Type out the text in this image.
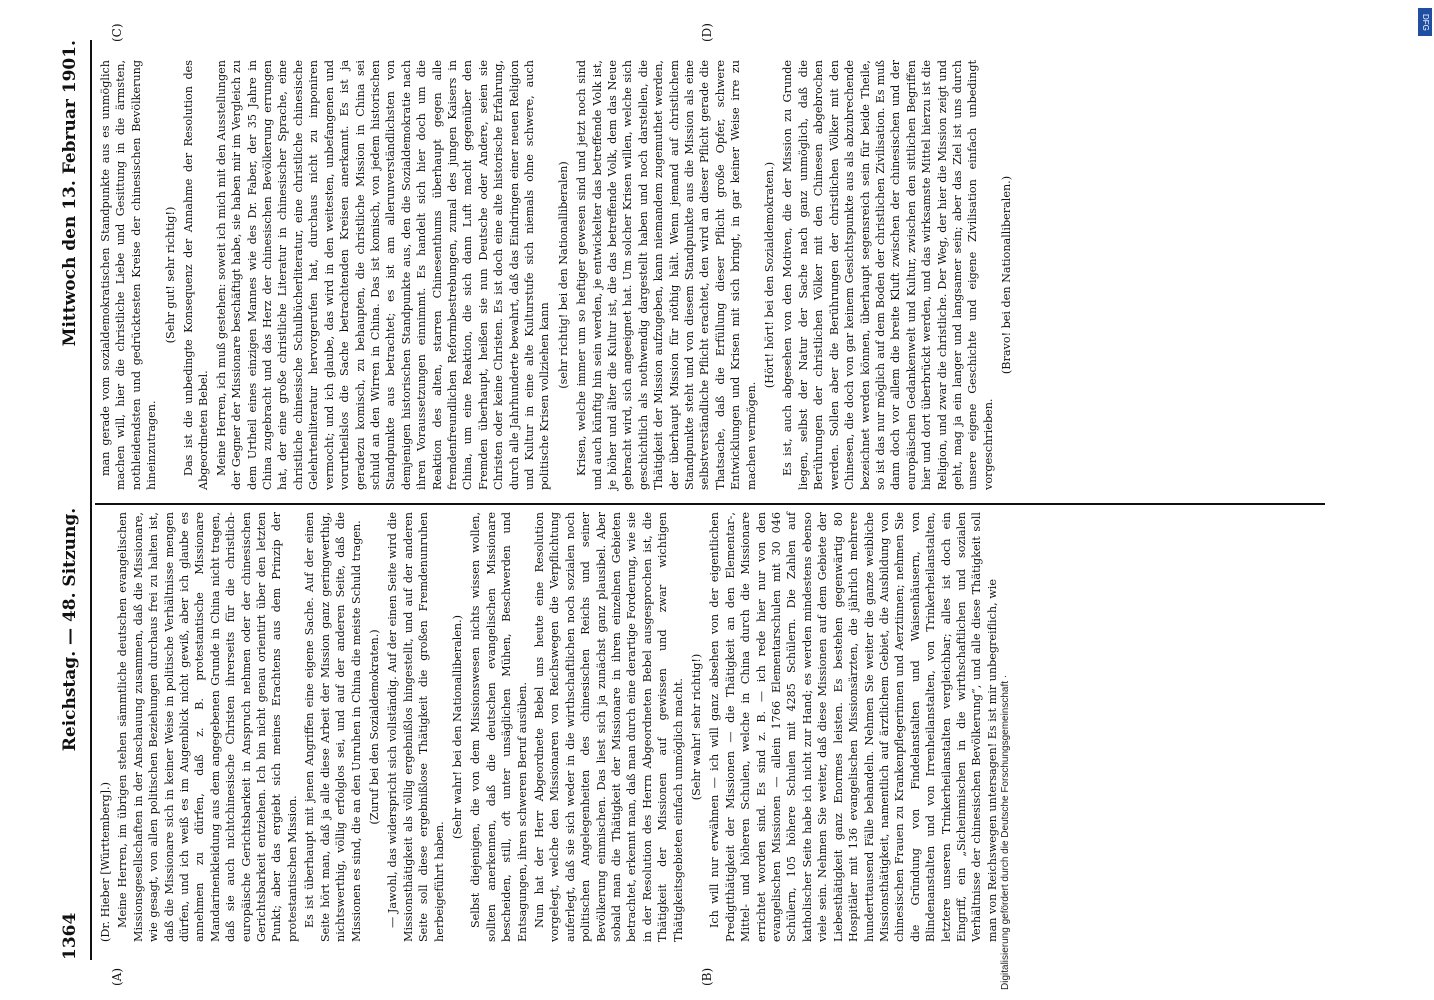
1364
Reichstag. — 48. Sitzung.
Mittwoch den 13. Februar 1901.
(A)	(B)
(C)	(D)

(Dr. Hieber [Württemberg].) Meine Herren, im übrigen stehen sämmtliche deutschen evangelischen Missionsgesellschaften in der Anschauung zusammen, daß die Missionare, wie gesagt, von allen politischen Beziehungen durchaus frei zu halten ist, daß die Missionare sich in keiner Weise in politische Verhältnisse mengen dürfen, und ich weiß es im Augenblick nicht gewiß, aber ich glaube es annehmen zu dürfen, daß z. B. protestantische Missionare Mandarinenkleidung aus dem angegebenen Grunde in China nicht tragen, daß sie auch nichtchinesische Christen ihrerseits für die christlich-europäische Gerichtsbarkeit in Anspruch nehmen oder der chinesischen Gerichtsbarkeit entziehen. Ich bin nicht genau orientirt über den letzten Punkt; aber das ergiebt sich meines Erachtens aus dem Prinzip der protestantischen Mission. Es ist überhaupt mit jenen Angriffen eine eigene Sache. Auf der einen Seite hört man, daß ja alle diese Arbeit der Mission ganz geringwerthig, nichtswerthig, völlig erfolglos sei, und auf der anderen Seite, daß die Missionen es sind, die an den Unruhen in China die meiste Schuld tragen. (Zuruf bei den Sozialdemokraten.) — Jawohl, das widerspricht sich vollständig. Auf der einen Seite wird die Missionsthätigkeit als völlig ergebnißlos hingestellt, und auf der anderen Seite soll diese ergebnißlose Thätigkeit die großen Fremdenunruhen herbeigeführt haben.

(Sehr wahr! bei den Nationalliberalen.) Selbst diejenigen, die von dem Missionswesen nichts wissen wollen, sollten anerkennen, daß die deutschen evangelischen Missionare bescheiden, still, oft unter unsäglichen Mühen, Beschwerden und Entsagungen, ihren schweren Beruf ausüben. Nun hat der Herr Abgeordnete Bebel uns heute eine Resolution vorgelegt, welche den Missionaren von Reichswegen die Verpflichtung auferlegt, daß sie sich weder in die wirthschaftlichen noch sozialen noch politischen Angelegenheiten des chinesischen Reichs und seiner Bevölkerung einmischen. Das liest sich ja zunächst ganz plausibel. Aber sobald man die Thätigkeit der Missionare in ihren einzelnen Gebieten betrachtet, erkennt man, daß man durch eine derartige Forderung, wie sie in der Resolution des Herrn Abgeordneten Bebel ausgesprochen ist, die Thätigkeit der Missionen auf gewissen und zwar wichtigen Thätigkeitsgebieten einfach unmöglich macht. (Sehr wahr! sehr richtig!) Ich will nur erwähnen — ich will ganz absehen von der eigentlichen Predigtthätigkeit der Missionen — die Thätigkeit an den Elementar-, Mittel- und höheren Schulen, welche in China durch die Missionare errichtet worden sind. Es sind z. B. — ich rede hier nur von den evangelischen Missionen — allein 1766 Elementarschulen mit 30 046 Schülern, 105 höhere Schulen mit 4285 Schülern. Die Zahlen auf katholischer Seite habe ich nicht zur Hand; es werden mindestens ebenso viele sein. Nehmen Sie weiter, daß diese Missionen auf dem Gebiete der Liebesthätigkeit ganz Enormes leisten. Es bestehen gegenwärtig 80 Hospitäler mit 136 evangelischen Missionsärzten, die jährlich mehrere hunderttausend Fälle behandeln. Nehmen Sie weiter die ganze weibliche Missionsthätigkeit, namentlich auf ärztlichem Gebiet, die Ausbildung von chinesischen Frauen zu Krankenpflegerinnen und Aerztinnen; nehmen Sie die Gründung von Findelanstalten und Waisenhäusern, von Blindenanstalten und von Irrenheilanstalten, von Trinkerheilanstalten, letztere unseren Trinkerheilanstalten vergleichbar; alles ist doch ein Eingriff, ein „Sicheinmischen in die wirthschaftlichen und sozialen Verhältnisse der chinesischen Bevölkerung“, und alle diese Thätigkeit soll man von Reichswegen untersagen! Es ist mir unbegreiflich, wie

man gerade vom sozialdemokratischen Standpunkte aus es unmöglich machen will, hier die christliche Liebe und Gesittung in die ärmsten, nothleidendsten und gedrücktesten Kreise der chinesischen Bevölkerung hineinzutragen.

(Sehr gut! sehr richtig!) Das ist die unbedingte Konsequenz der Annahme der Resolution des Abgeordneten Bebel. Meine Herren, ich muß gestehen: soweit ich mich mit den Ausstellungen der Gegner der Missionare beschäftigt habe, sie haben mir im Vergleich zu dem Urtheil eines einzigen Mannes wie des Dr. Faber, der 35 Jahre in China zugebracht und das Herz der chinesischen Bevölkerung errungen hat, der eine große christliche Literatur in chinesischer Sprache, eine christliche chinesische Schulbücherliteratur, eine christliche chinesische Gelehrtenliteratur hervorgerufen hat, durchaus nicht zu imponiren vermocht; und ich glaube, das wird in den weitesten, unbefangenen und vorurtheilslos die Sache betrachtenden Kreisen anerkannt. Es ist ja geradezu komisch, zu behaupten, die christliche Mission in China sei schuld an den Wirren in China. Das ist komisch, von jedem historischen Standpunkte aus betrachtet; es ist am allerunverständlichsten von demjenigen historischen Standpunkte aus, den die Sozialdemokratie nach ihren Voraussetzungen einnimmt. Es handelt sich hier doch um die Reaktion des alten, starren Chinesenthums überhaupt gegen alle fremdenfreundlichen Reformbestrebungen, zumal des jungen Kaisers in China, um eine Reaktion, die sich dann Luft macht gegenüber den Fremden überhaupt, heißen sie nun Deutsche oder Andere, seien sie Christen oder keine Christen. Es ist doch eine alte historische Erfahrung, durch alle Jahrhunderte bewahrt, daß das Eindringen einer neuen Religion und Kultur in eine alte Kulturstufe sich niemals ohne schwere, auch politische Krisen vollziehen kann

(sehr richtig! bei den Nationalliberalen) Krisen, welche immer um so heftiger gewesen sind und jetzt noch sind und auch künftig hin sein werden, je entwickelter das betreffende Volk ist, je höher und älter die Kultur ist, die das betreffende Volk, dem das Neue gebracht wird, sich angeeignet hat. Um solcher Krisen willen, welche sich geschichtlich als nothwendig dargestellt haben und noch darstellen, die Thätigkeit der Mission aufzugeben, kann niemandem zugemuthet werden, der überhaupt Mission für nöthig hält. Wenn jemand auf christlichem Standpunkte steht und von diesem Standpunkte aus die Mission als eine selbstverständliche Pflicht erachtet, den wird an dieser Pflicht gerade die Thatsache, daß die Erfüllung dieser Pflicht große Opfer, schwere Entwicklungen und Krisen mit sich bringt, in gar keiner Weise irre zu machen vermögen.

(Hört! hört! bei den Sozialdemokraten.) Es ist, auch abgesehen von den Motiven, die der Mission zu Grunde liegen, selbst der Natur der Sache nach ganz unmöglich, daß die Berührungen der christlichen Völker mit den Chinesen abgebrochen werden. Sollen aber die Berührungen der christlichen Völker mit den Chinesen, die doch von gar keinem Gesichtspunkte aus als abzubrechende bezeichnet werden können, überhaupt segensreich sein für beide Theile, so ist das nur möglich auf dem Boden der christlichen Zivilisation. Es muß dann doch vor allem die breite Kluft zwischen der chinesischen und der europäischen Gedankenwelt und Kultur, zwischen den sittlichen Begriffen hier und dort überbrückt werden, und das wirksamste Mittel hierzu ist die Religion, und zwar die christliche. Der Weg, der hier die Mission zeigt und geht, mag ja ein langer und langsamer sein; aber das Ziel ist uns durch unsere eigene Geschichte und eigene Zivilisation einfach unbedingt vorgeschrieben.

(Bravo! bei den Nationalliberalen.)

DFG
Digitalisierung gefördert durch die Deutsche Forschungsgemeinschaft ·
